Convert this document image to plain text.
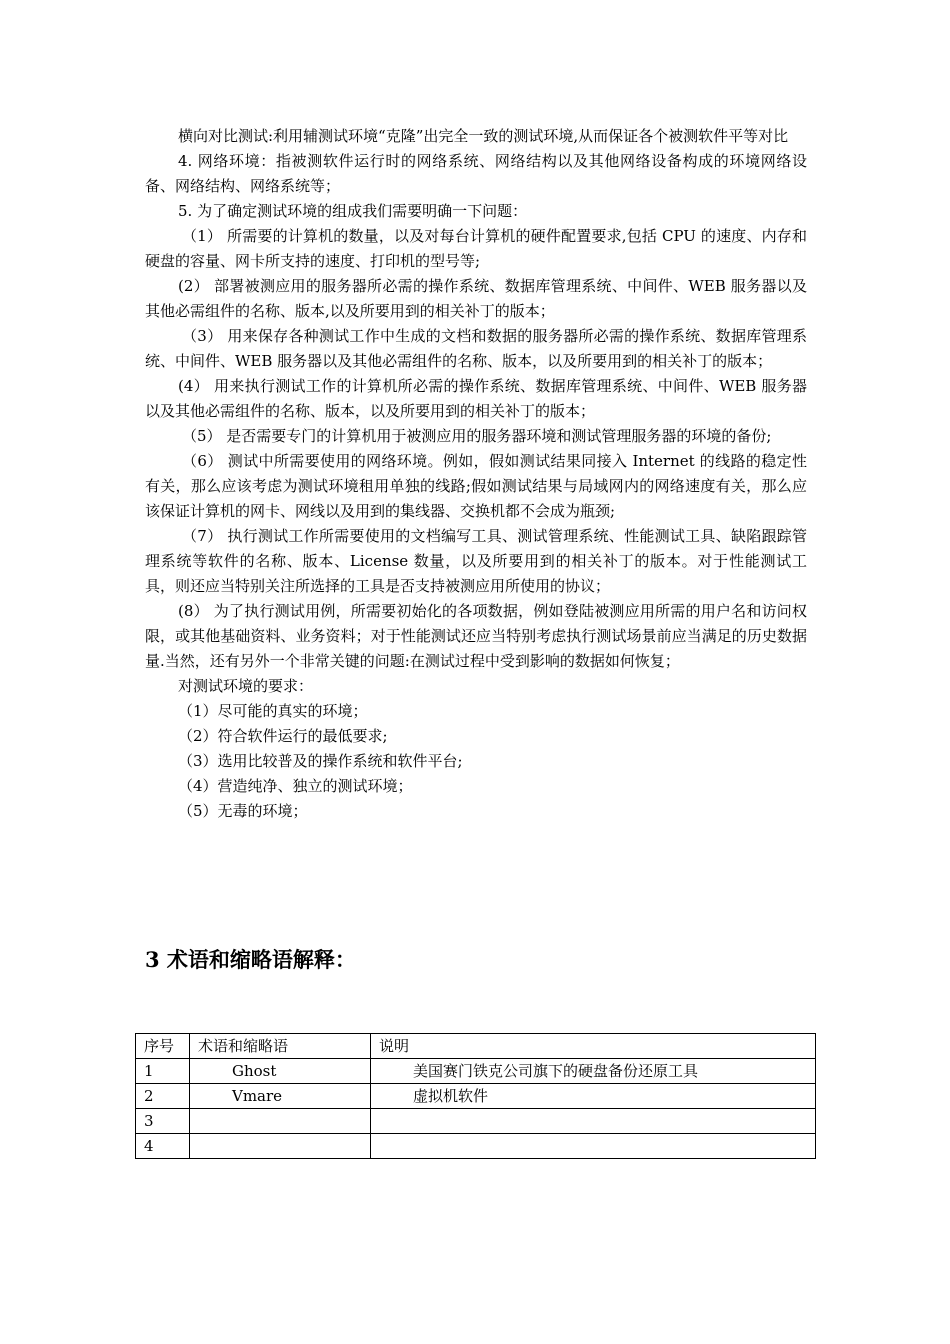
横向对比测试:利用辅测试环境“克隆”出完全一致的测试环境,从而保证各个被测软件平等对比

4. 网络环境：指被测软件运行时的网络系统、网络结构以及其他网络设备构成的环境网络设备、网络结构、网络系统等；

5. 为了确定测试环境的组成我们需要明确一下问题：

（1） 所需要的计算机的数量，以及对每台计算机的硬件配置要求,包括 CPU 的速度、内存和硬盘的容量、网卡所支持的速度、打印机的型号等;

(2） 部署被测应用的服务器所必需的操作系统、数据库管理系统、中间件、WEB 服务器以及其他必需组件的名称、版本,以及所要用到的相关补丁的版本；

（3） 用来保存各种测试工作中生成的文档和数据的服务器所必需的操作系统、数据库管理系统、中间件、WEB 服务器以及其他必需组件的名称、版本，以及所要用到的相关补丁的版本；

(4） 用来执行测试工作的计算机所必需的操作系统、数据库管理系统、中间件、WEB 服务器以及其他必需组件的名称、版本，以及所要用到的相关补丁的版本；

（5） 是否需要专门的计算机用于被测应用的服务器环境和测试管理服务器的环境的备份;

（6） 测试中所需要使用的网络环境。例如，假如测试结果同接入 Internet 的线路的稳定性有关，那么应该考虑为测试环境租用单独的线路;假如测试结果与局域网内的网络速度有关，那么应该保证计算机的网卡、网线以及用到的集线器、交换机都不会成为瓶颈;

（7） 执行测试工作所需要使用的文档编写工具、测试管理系统、性能测试工具、缺陷跟踪管理系统等软件的名称、版本、License 数量，以及所要用到的相关补丁的版本。对于性能测试工具，则还应当特别关注所选择的工具是否支持被测应用所使用的协议；

(8） 为了执行测试用例，所需要初始化的各项数据，例如登陆被测应用所需的用户名和访问权限，或其他基础资料、业务资料；对于性能测试还应当特别考虑执行测试场景前应当满足的历史数据量.当然，还有另外一个非常关键的问题:在测试过程中受到影响的数据如何恢复；

对测试环境的要求：

（1）尽可能的真实的环境；

（2）符合软件运行的最低要求;

（3）选用比较普及的操作系统和软件平台;

（4）营造纯净、独立的测试环境；

（5）无毒的环境；

3 术语和缩略语解释：
序号	术语和缩略语	说明
1	Ghost	美国赛门铁克公司旗下的硬盘备份还原工具
2	Vmare	虚拟机软件
3		
4		
